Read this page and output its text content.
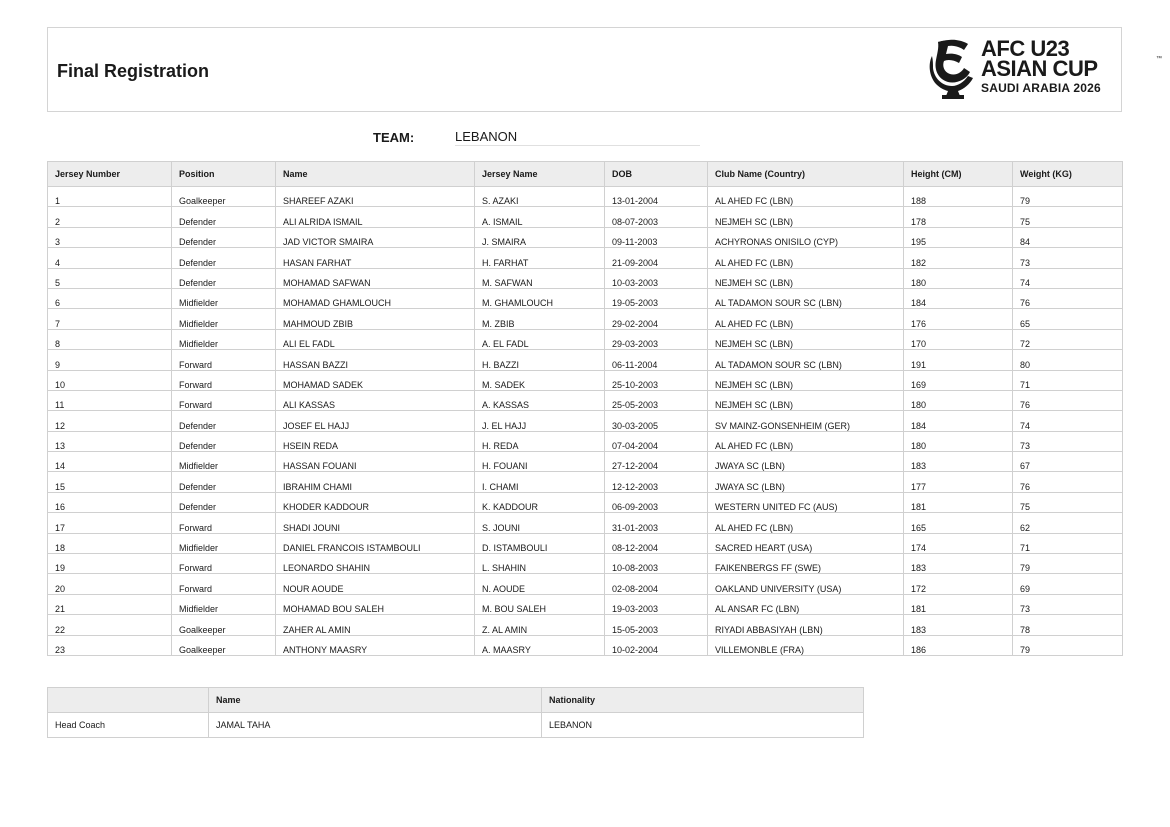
Final Registration
AFC U23
ASIAN CUP	™
SAUDI ARABIA 2026
TEAM:	LEBANON
Jersey Number	Position	Name	Jersey Name	DOB	Club Name (Country)	Height (CM)	Weight (KG)
1	Goalkeeper	SHAREEF AZAKI	S. AZAKI	13-01-2004	AL AHED FC (LBN)	188	79
2	Defender	ALI ALRIDA ISMAIL	A. ISMAIL	08-07-2003	NEJMEH SC (LBN)	178	75
3	Defender	JAD VICTOR SMAIRA	J. SMAIRA	09-11-2003	ACHYRONAS ONISILO (CYP)	195	84
4	Defender	HASAN FARHAT	H. FARHAT	21-09-2004	AL AHED FC (LBN)	182	73
5	Defender	MOHAMAD SAFWAN	M. SAFWAN	10-03-2003	NEJMEH SC (LBN)	180	74
6	Midfielder	MOHAMAD GHAMLOUCH	M. GHAMLOUCH	19-05-2003	AL TADAMON SOUR SC (LBN)	184	76
7	Midfielder	MAHMOUD ZBIB	M. ZBIB	29-02-2004	AL AHED FC (LBN)	176	65
8	Midfielder	ALI EL FADL	A. EL FADL	29-03-2003	NEJMEH SC (LBN)	170	72
9	Forward	HASSAN BAZZI	H. BAZZI	06-11-2004	AL TADAMON SOUR SC (LBN)	191	80
10	Forward	MOHAMAD SADEK	M. SADEK	25-10-2003	NEJMEH SC (LBN)	169	71
11	Forward	ALI KASSAS	A. KASSAS	25-05-2003	NEJMEH SC (LBN)	180	76
12	Defender	JOSEF EL HAJJ	J. EL HAJJ	30-03-2005	SV MAINZ-GONSENHEIM (GER)	184	74
13	Defender	HSEIN REDA	H. REDA	07-04-2004	AL AHED FC (LBN)	180	73
14	Midfielder	HASSAN FOUANI	H. FOUANI	27-12-2004	JWAYA SC (LBN)	183	67
15	Defender	IBRAHIM CHAMI	I. CHAMI	12-12-2003	JWAYA SC (LBN)	177	76
16	Defender	KHODER KADDOUR	K. KADDOUR	06-09-2003	WESTERN UNITED FC (AUS)	181	75
17	Forward	SHADI JOUNI	S. JOUNI	31-01-2003	AL AHED FC (LBN)	165	62
18	Midfielder	DANIEL FRANCOIS ISTAMBOULI	D. ISTAMBOULI	08-12-2004	SACRED HEART (USA)	174	71
19	Forward	LEONARDO SHAHIN	L. SHAHIN	10-08-2003	FAIKENBERGS FF (SWE)	183	79
20	Forward	NOUR AOUDE	N. AOUDE	02-08-2004	OAKLAND UNIVERSITY (USA)	172	69
21	Midfielder	MOHAMAD BOU SALEH	M. BOU SALEH	19-03-2003	AL ANSAR FC (LBN)	181	73
22	Goalkeeper	ZAHER AL AMIN	Z. AL AMIN	15-05-2003	RIYADI ABBASIYAH (LBN)	183	78
23	Goalkeeper	ANTHONY MAASRY	A. MAASRY	10-02-2004	VILLEMONBLE (FRA)	186	79
	Name	Nationality
Head Coach	JAMAL TAHA	LEBANON
